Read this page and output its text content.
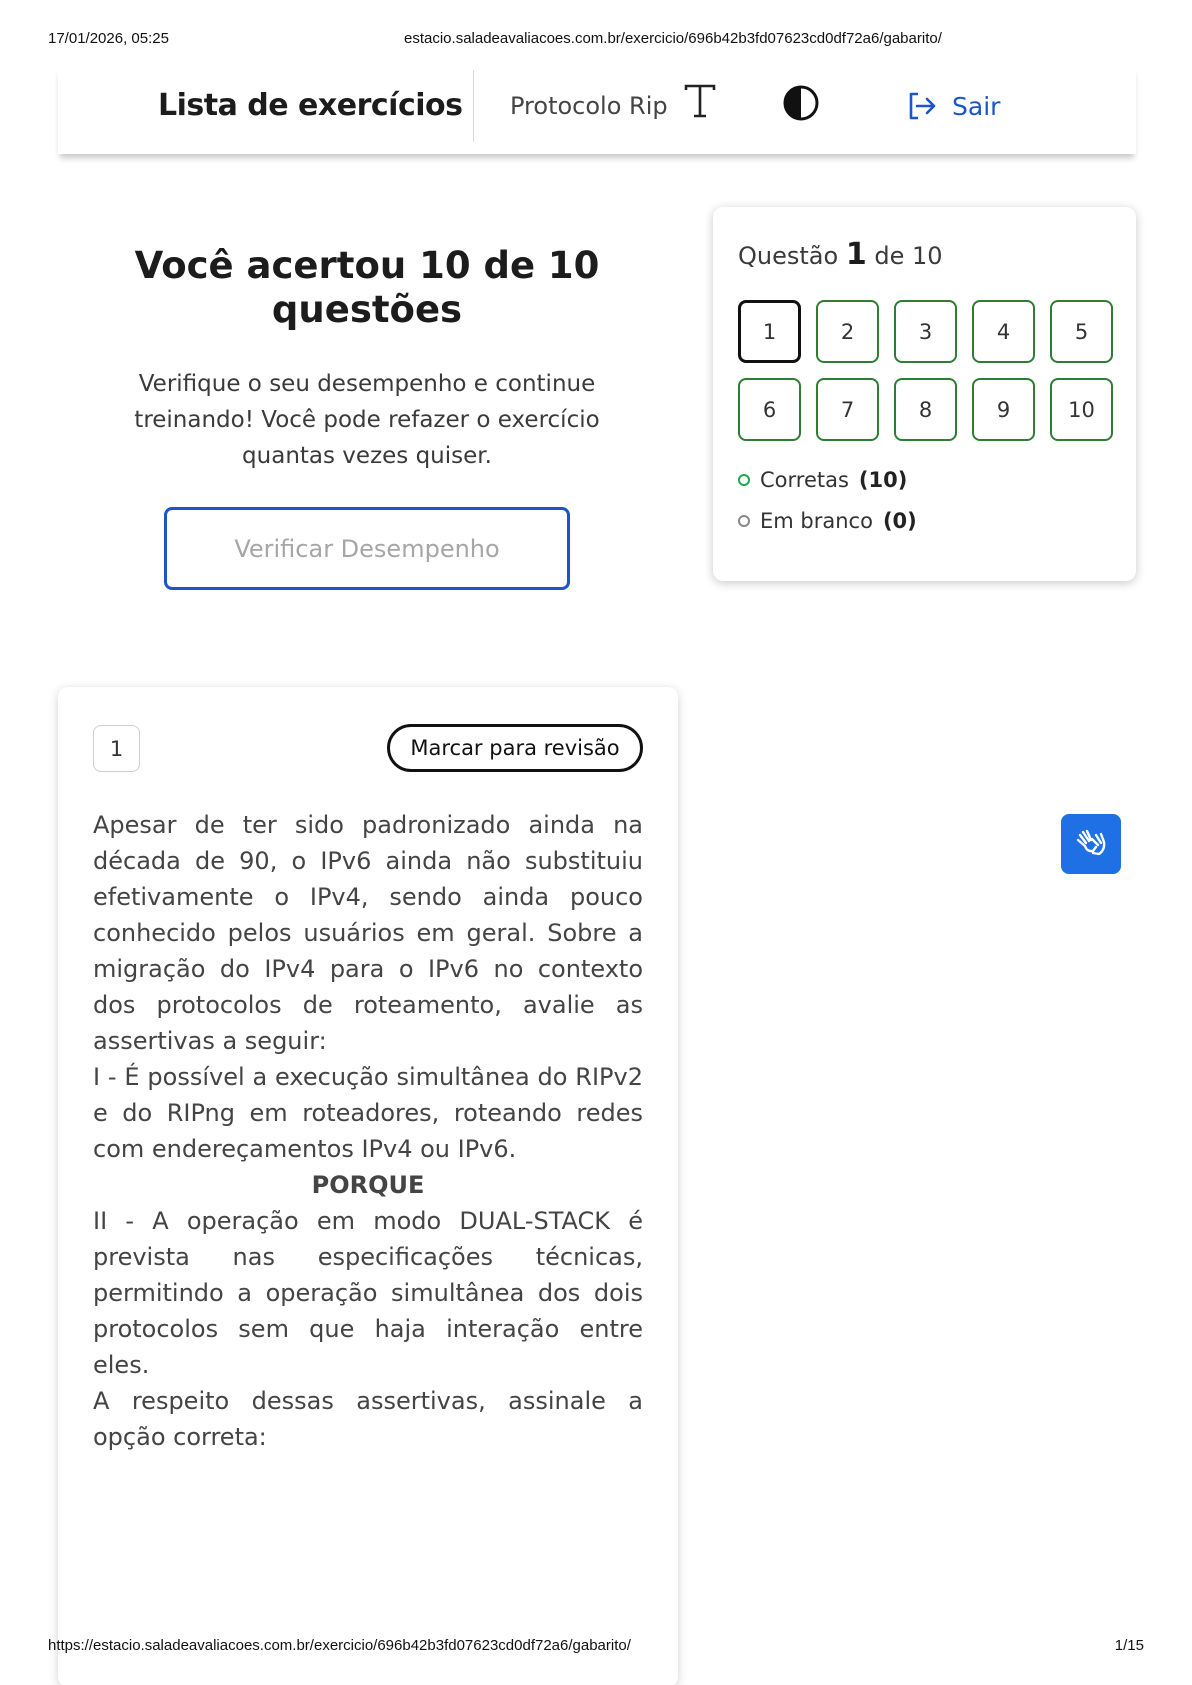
17/01/2026, 05:25	estacio.saladeavaliacoes.com.br/exercicio/696b42b3fd07623cd0df72a6/gabarito/
Lista de exercícios Protocolo Rip	Sair
Você acertou 10 de 10
questões
Verifique o seu desempenho e continue treinando! Você pode refazer o exercício quantas vezes quiser.
Verificar Desempenho
Questão 1 de 10
1	2	3	4	5
6	7	8	9	10
Corretas (10)
Em branco (0)
1	Marcar para revisão

Apesar de ter sido padronizado ainda na década de 90, o IPv6 ainda não substituiu efetivamente o IPv4, sendo ainda pouco conhecido pelos usuários em geral. Sobre a migração do IPv4 para o IPv6 no contexto dos protocolos de roteamento, avalie as assertivas a seguir:

I - É possível a execução simultânea do RIPv2 e do RIPng em roteadores, roteando redes com endereçamentos IPv4 ou IPv6.

PORQUE

II - A operação em modo DUAL-STACK é prevista nas especificações técnicas, permitindo a operação simultânea dos dois protocolos sem que haja interação entre eles.

A respeito dessas assertivas, assinale a opção correta:

https://estacio.saladeavaliacoes.com.br/exercicio/696b42b3fd07623cd0df72a6/gabarito/	1/15
